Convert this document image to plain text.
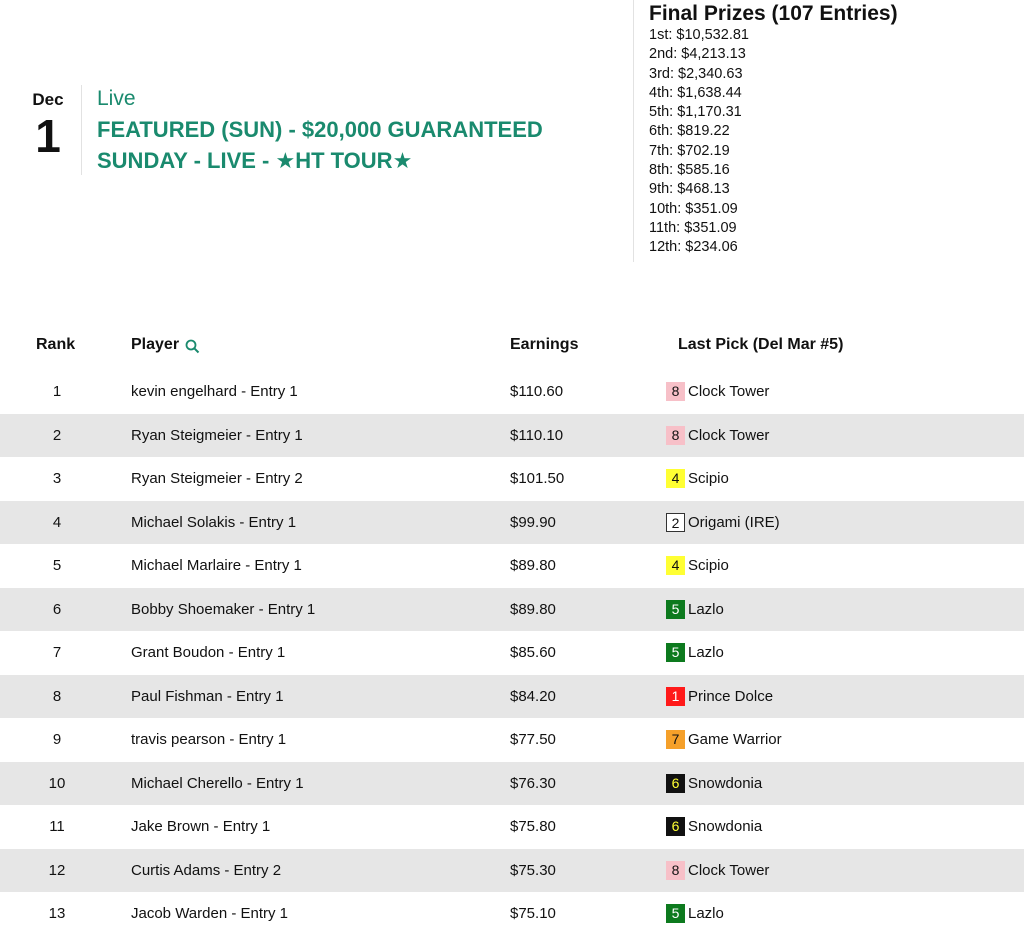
Dec
1
Live
FEATURED (SUN) - $20,000 GUARANTEED
SUNDAY - LIVE - ★HT TOUR★
Final Prizes (107 Entries)
1st: $10,532.81
2nd: $4,213.13
3rd: $2,340.63
4th: $1,638.44
5th: $1,170.31
6th: $819.22
7th: $702.19
8th: $585.16
9th: $468.13
10th: $351.09
11th: $351.09
12th: $234.06
Rank	Player	Earnings	Last Pick (Del Mar #5)
1	kevin engelhard - Entry 1	$110.60	8 Clock Tower
2	Ryan Steigmeier - Entry 1	$110.10	8 Clock Tower
3	Ryan Steigmeier - Entry 2	$101.50	4 Scipio
4	Michael Solakis - Entry 1	$99.90	2 Origami (IRE)
5	Michael Marlaire - Entry 1	$89.80	4 Scipio
6	Bobby Shoemaker - Entry 1	$89.80	5 Lazlo
7	Grant Boudon - Entry 1	$85.60	5 Lazlo
8	Paul Fishman - Entry 1	$84.20	1 Prince Dolce
9	travis pearson - Entry 1	$77.50	7 Game Warrior
10	Michael Cherello - Entry 1	$76.30	6 Snowdonia
11	Jake Brown - Entry 1	$75.80	6 Snowdonia
12	Curtis Adams - Entry 2	$75.30	8 Clock Tower
13	Jacob Warden - Entry 1	$75.10	5 Lazlo
